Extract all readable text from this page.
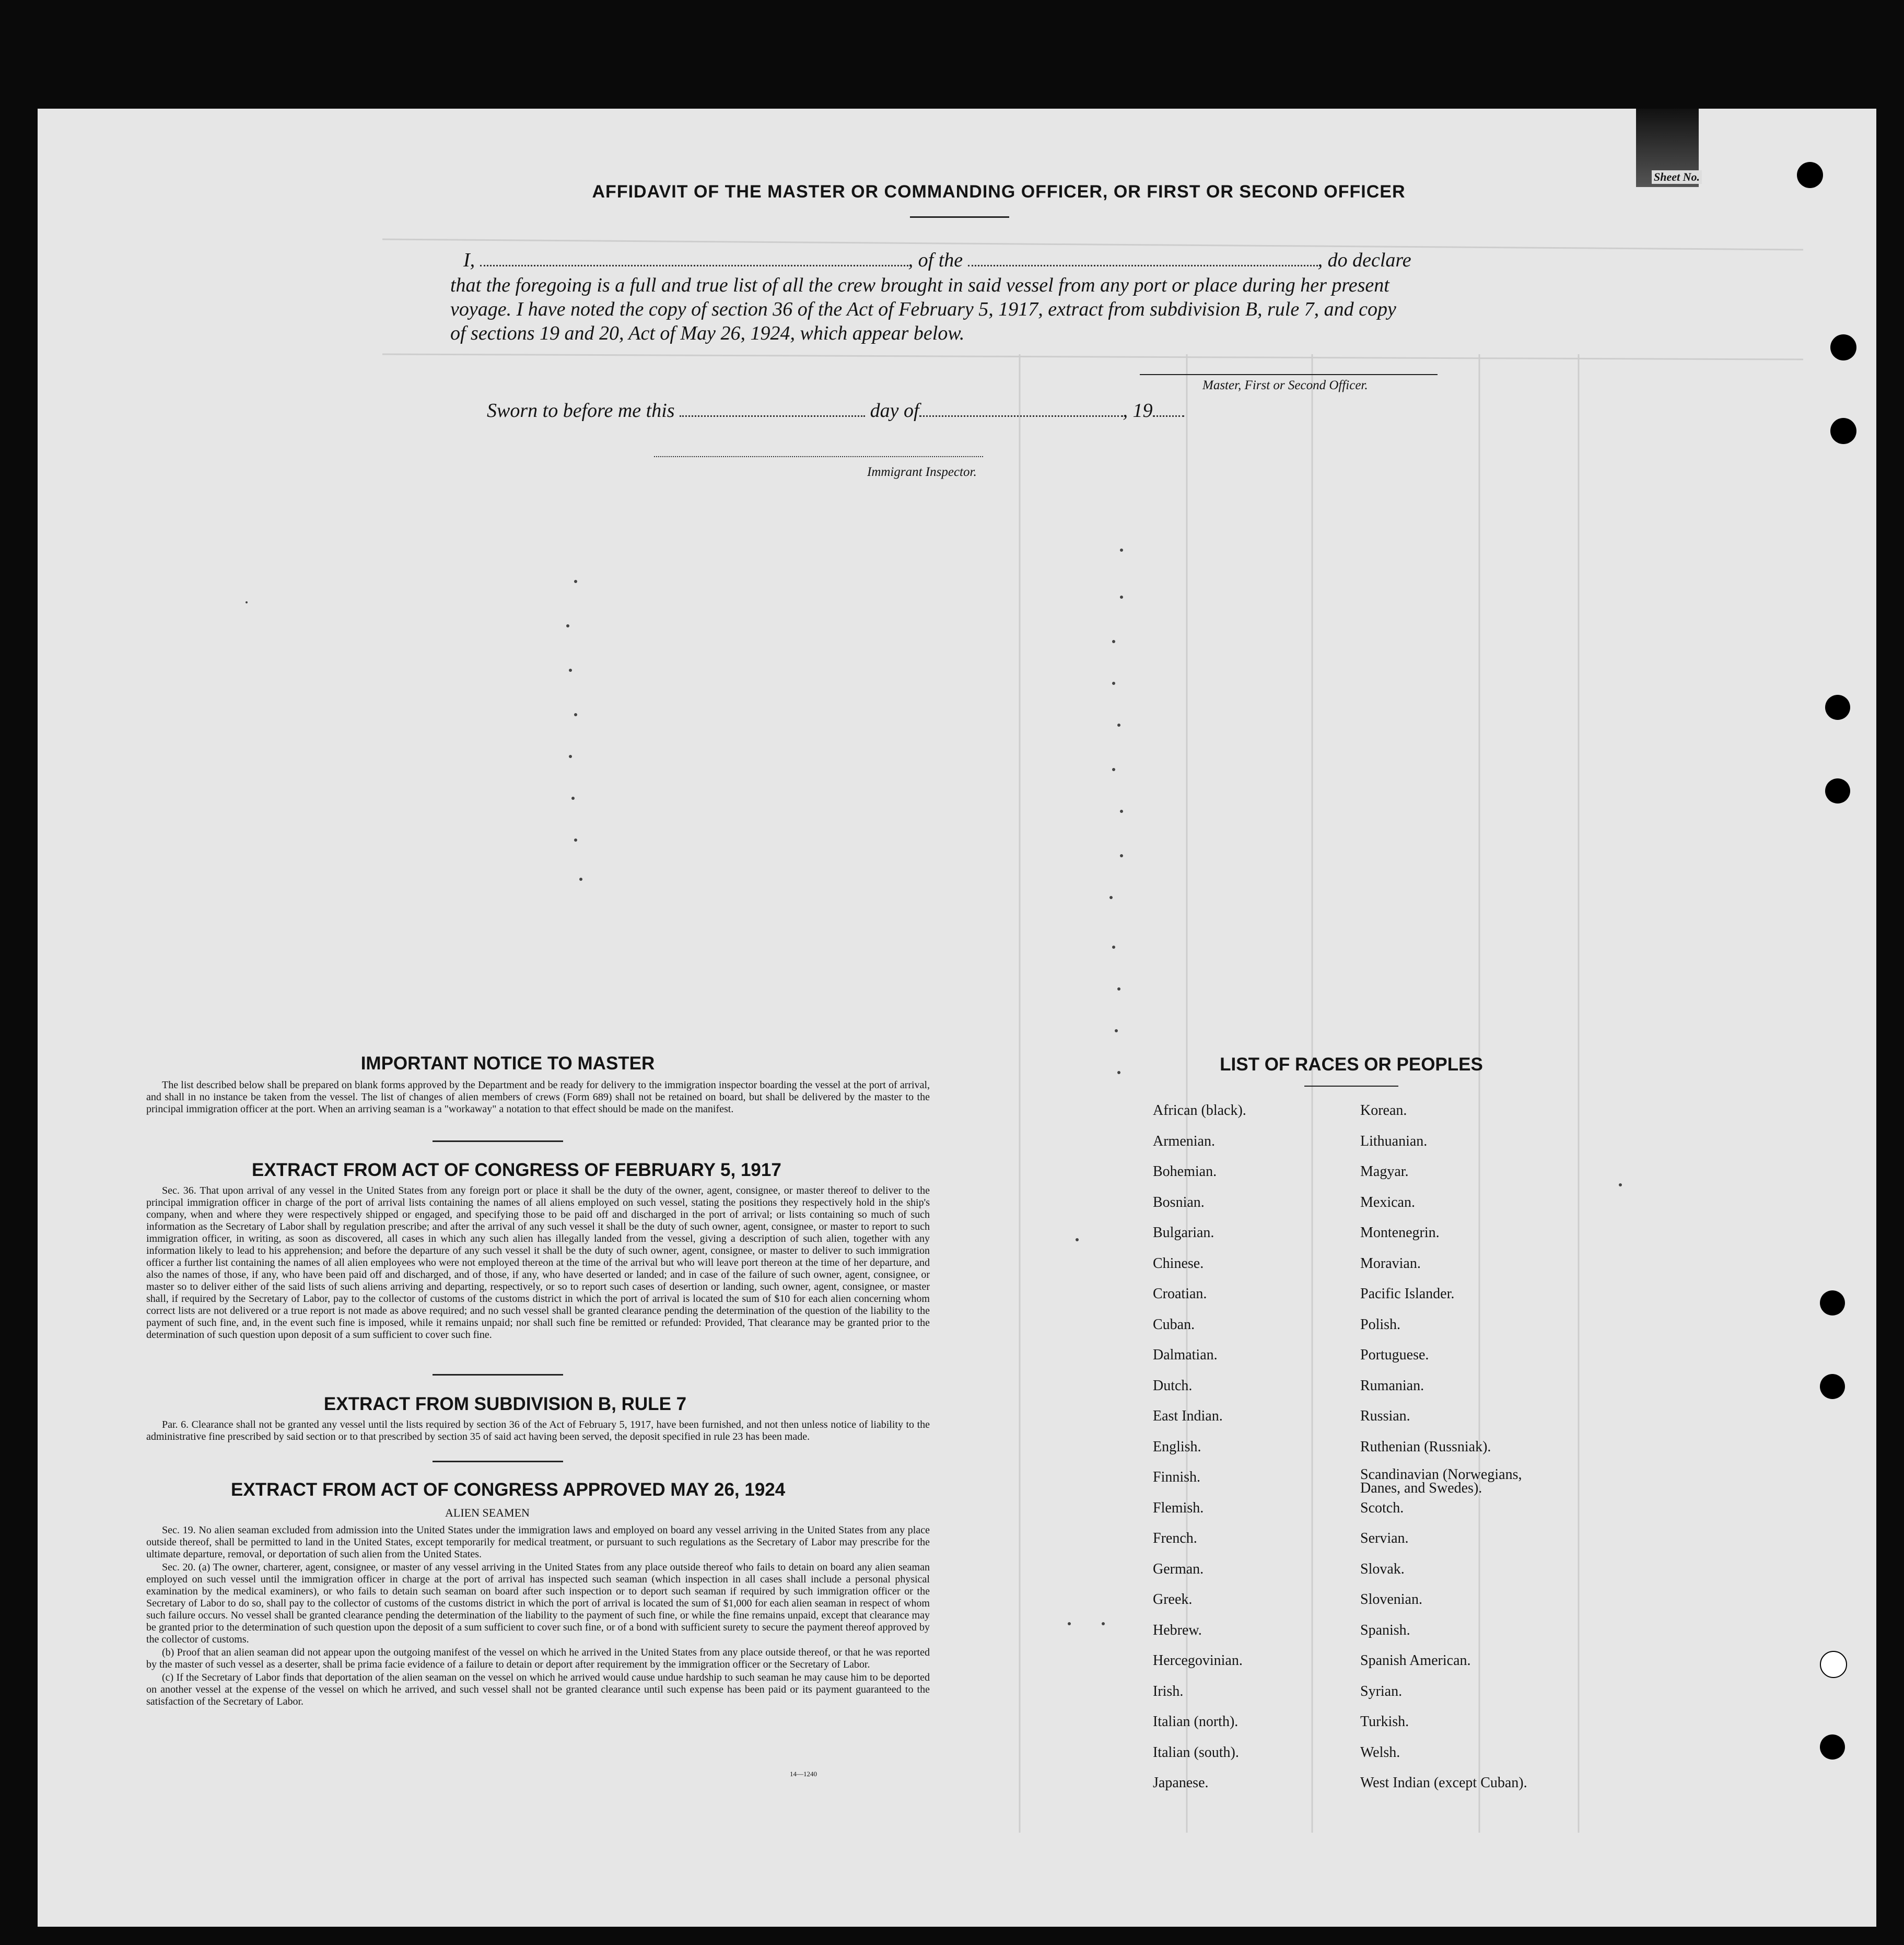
AFFIDAVIT OF THE MASTER OR COMMANDING OFFICER, OR FIRST OR SECOND OFFICER
I,	, of the	, do declare
that the foregoing is a full and true list of all the crew brought in said vessel from any port or place during her present
voyage. I have noted the copy of section 36 of the Act of February 5, 1917, extract from subdivision B, rule 7, and copy
of sections 19 and 20, Act of May 26, 1924, which appear below.
Master, First or Second Officer.
Sworn to before me this	day of	, 19
Immigrant Inspector.
IMPORTANT NOTICE TO MASTER

The list described below shall be prepared on blank forms approved by the Department and be ready for delivery to the immigration inspector boarding the vessel at the port of arrival, and shall in no instance be taken from the vessel. The list of changes of alien members of crews (Form 689) shall not be retained on board, but shall be delivered by the master to the principal immigration officer at the port. When an arriving seaman is a "workaway" a notation to that effect should be made on the manifest.

EXTRACT FROM ACT OF CONGRESS OF FEBRUARY 5, 1917

Sec. 36. That upon arrival of any vessel in the United States from any foreign port or place it shall be the duty of the owner, agent, consignee, or master thereof to deliver to the principal immigration officer in charge of the port of arrival lists containing the names of all aliens employed on such vessel, stating the positions they respectively hold in the ship's company, when and where they were respectively shipped or engaged, and specifying those to be paid off and discharged in the port of arrival; or lists containing so much of such information as the Secretary of Labor shall by regulation prescribe; and after the arrival of any such vessel it shall be the duty of such owner, agent, consignee, or master to report to such immigration officer, in writing, as soon as discovered, all cases in which any such alien has illegally landed from the vessel, giving a description of such alien, together with any information likely to lead to his apprehension; and before the departure of any such vessel it shall be the duty of such owner, agent, consignee, or master to deliver to such immigration officer a further list containing the names of all alien employees who were not employed thereon at the time of the arrival but who will leave port thereon at the time of her departure, and also the names of those, if any, who have been paid off and discharged, and of those, if any, who have deserted or landed; and in case of the failure of such owner, agent, consignee, or master so to deliver either of the said lists of such aliens arriving and departing, respectively, or so to report such cases of desertion or landing, such owner, agent, consignee, or master shall, if required by the Secretary of Labor, pay to the collector of customs of the customs district in which the port of arrival is located the sum of $10 for each alien concerning whom correct lists are not delivered or a true report is not made as above required; and no such vessel shall be granted clearance pending the determination of the question of the liability to the payment of such fine, and, in the event such fine is imposed, while it remains unpaid; nor shall such fine be remitted or refunded: Provided, That clearance may be granted prior to the determination of such question upon deposit of a sum sufficient to cover such fine.

EXTRACT FROM SUBDIVISION B, RULE 7

Par. 6. Clearance shall not be granted any vessel until the lists required by section 36 of the Act of February 5, 1917, have been furnished, and not then unless notice of liability to the administrative fine prescribed by said section or to that prescribed by section 35 of said act having been served, the deposit specified in rule 23 has been made.

EXTRACT FROM ACT OF CONGRESS APPROVED MAY 26, 1924
ALIEN SEAMEN

Sec. 19. No alien seaman excluded from admission into the United States under the immigration laws and employed on board any vessel arriving in the United States from any place outside thereof, shall be permitted to land in the United States, except temporarily for medical treatment, or pursuant to such regulations as the Secretary of Labor may prescribe for the ultimate departure, removal, or deportation of such alien from the United States.

Sec. 20. (a) The owner, charterer, agent, consignee, or master of any vessel arriving in the United States from any place outside thereof who fails to detain on board any alien seaman employed on such vessel until the immigration officer in charge at the port of arrival has inspected such seaman (which inspection in all cases shall include a personal physical examination by the medical examiners), or who fails to detain such seaman on board after such inspection or to deport such seaman if required by such immigration officer or the Secretary of Labor to do so, shall pay to the collector of customs of the customs district in which the port of arrival is located the sum of $1,000 for each alien seaman in respect of whom such failure occurs. No vessel shall be granted clearance pending the determination of the liability to the payment of such fine, or while the fine remains unpaid, except that clearance may be granted prior to the determination of such question upon the deposit of a sum sufficient to cover such fine, or of a bond with sufficient surety to secure the payment thereof approved by the collector of customs.

(b) Proof that an alien seaman did not appear upon the outgoing manifest of the vessel on which he arrived in the United States from any place outside thereof, or that he was reported by the master of such vessel as a deserter, shall be prima facie evidence of a failure to detain or deport after requirement by the immigration officer or the Secretary of Labor.

(c) If the Secretary of Labor finds that deportation of the alien seaman on the vessel on which he arrived would cause undue hardship to such seaman he may cause him to be deported on another vessel at the expense of the vessel on which he arrived, and such vessel shall not be granted clearance until such expense has been paid or its payment guaranteed to the satisfaction of the Secretary of Labor.

14—1240
LIST OF RACES OR PEOPLES
Sheet No.
African (black).
Armenian.
Bohemian.
Bosnian.
Bulgarian.
Chinese.
Croatian.
Cuban.
Dalmatian.
Dutch.
East Indian.
English.
Finnish.
Flemish.
French.
German.
Greek.
Hebrew.
Hercegovinian.
Irish.
Italian (north).
Italian (south).
Japanese.
Korean.
Lithuanian.
Magyar.
Mexican.
Montenegrin.
Moravian.
Pacific Islander.
Polish.
Portuguese.
Rumanian.
Russian.
Ruthenian (Russniak).
Scandinavian (Norwegians, Danes, and Swedes).
Scotch.
Servian.
Slovak.
Slovenian.
Spanish.
Spanish American.
Syrian.
Turkish.
Welsh.
West Indian (except Cuban).
